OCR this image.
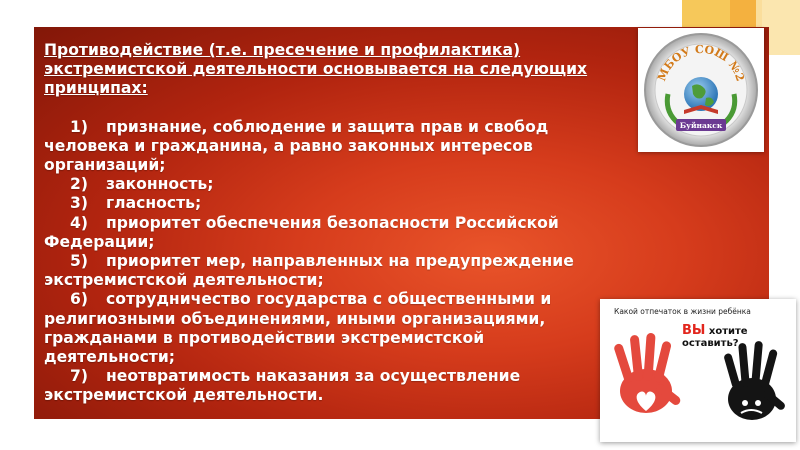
Противодействие (т.е. пресечение и профилактика) экстремистской деятельности основывается на следующих принципах:

1) признание, соблюдение и защита прав и свобод человека и гражданина, а равно законных интересов организаций;

2) законность;

3) гласность;

4) приоритет обеспечения безопасности Российской Федерации;

5) приоритет мер, направленных на предупреждение экстремистской деятельности;

6) сотрудничество государства с общественными и религиозными объединениями, иными организациями, гражданами в противодействии экстремистской деятельности;

7) неотвратимость наказания за осуществление экстремистской деятельности.

МБОУ СОШ №2
Буйнакск
Какой отпечаток в жизни ребёнка
ВЫ хотите оставить?
